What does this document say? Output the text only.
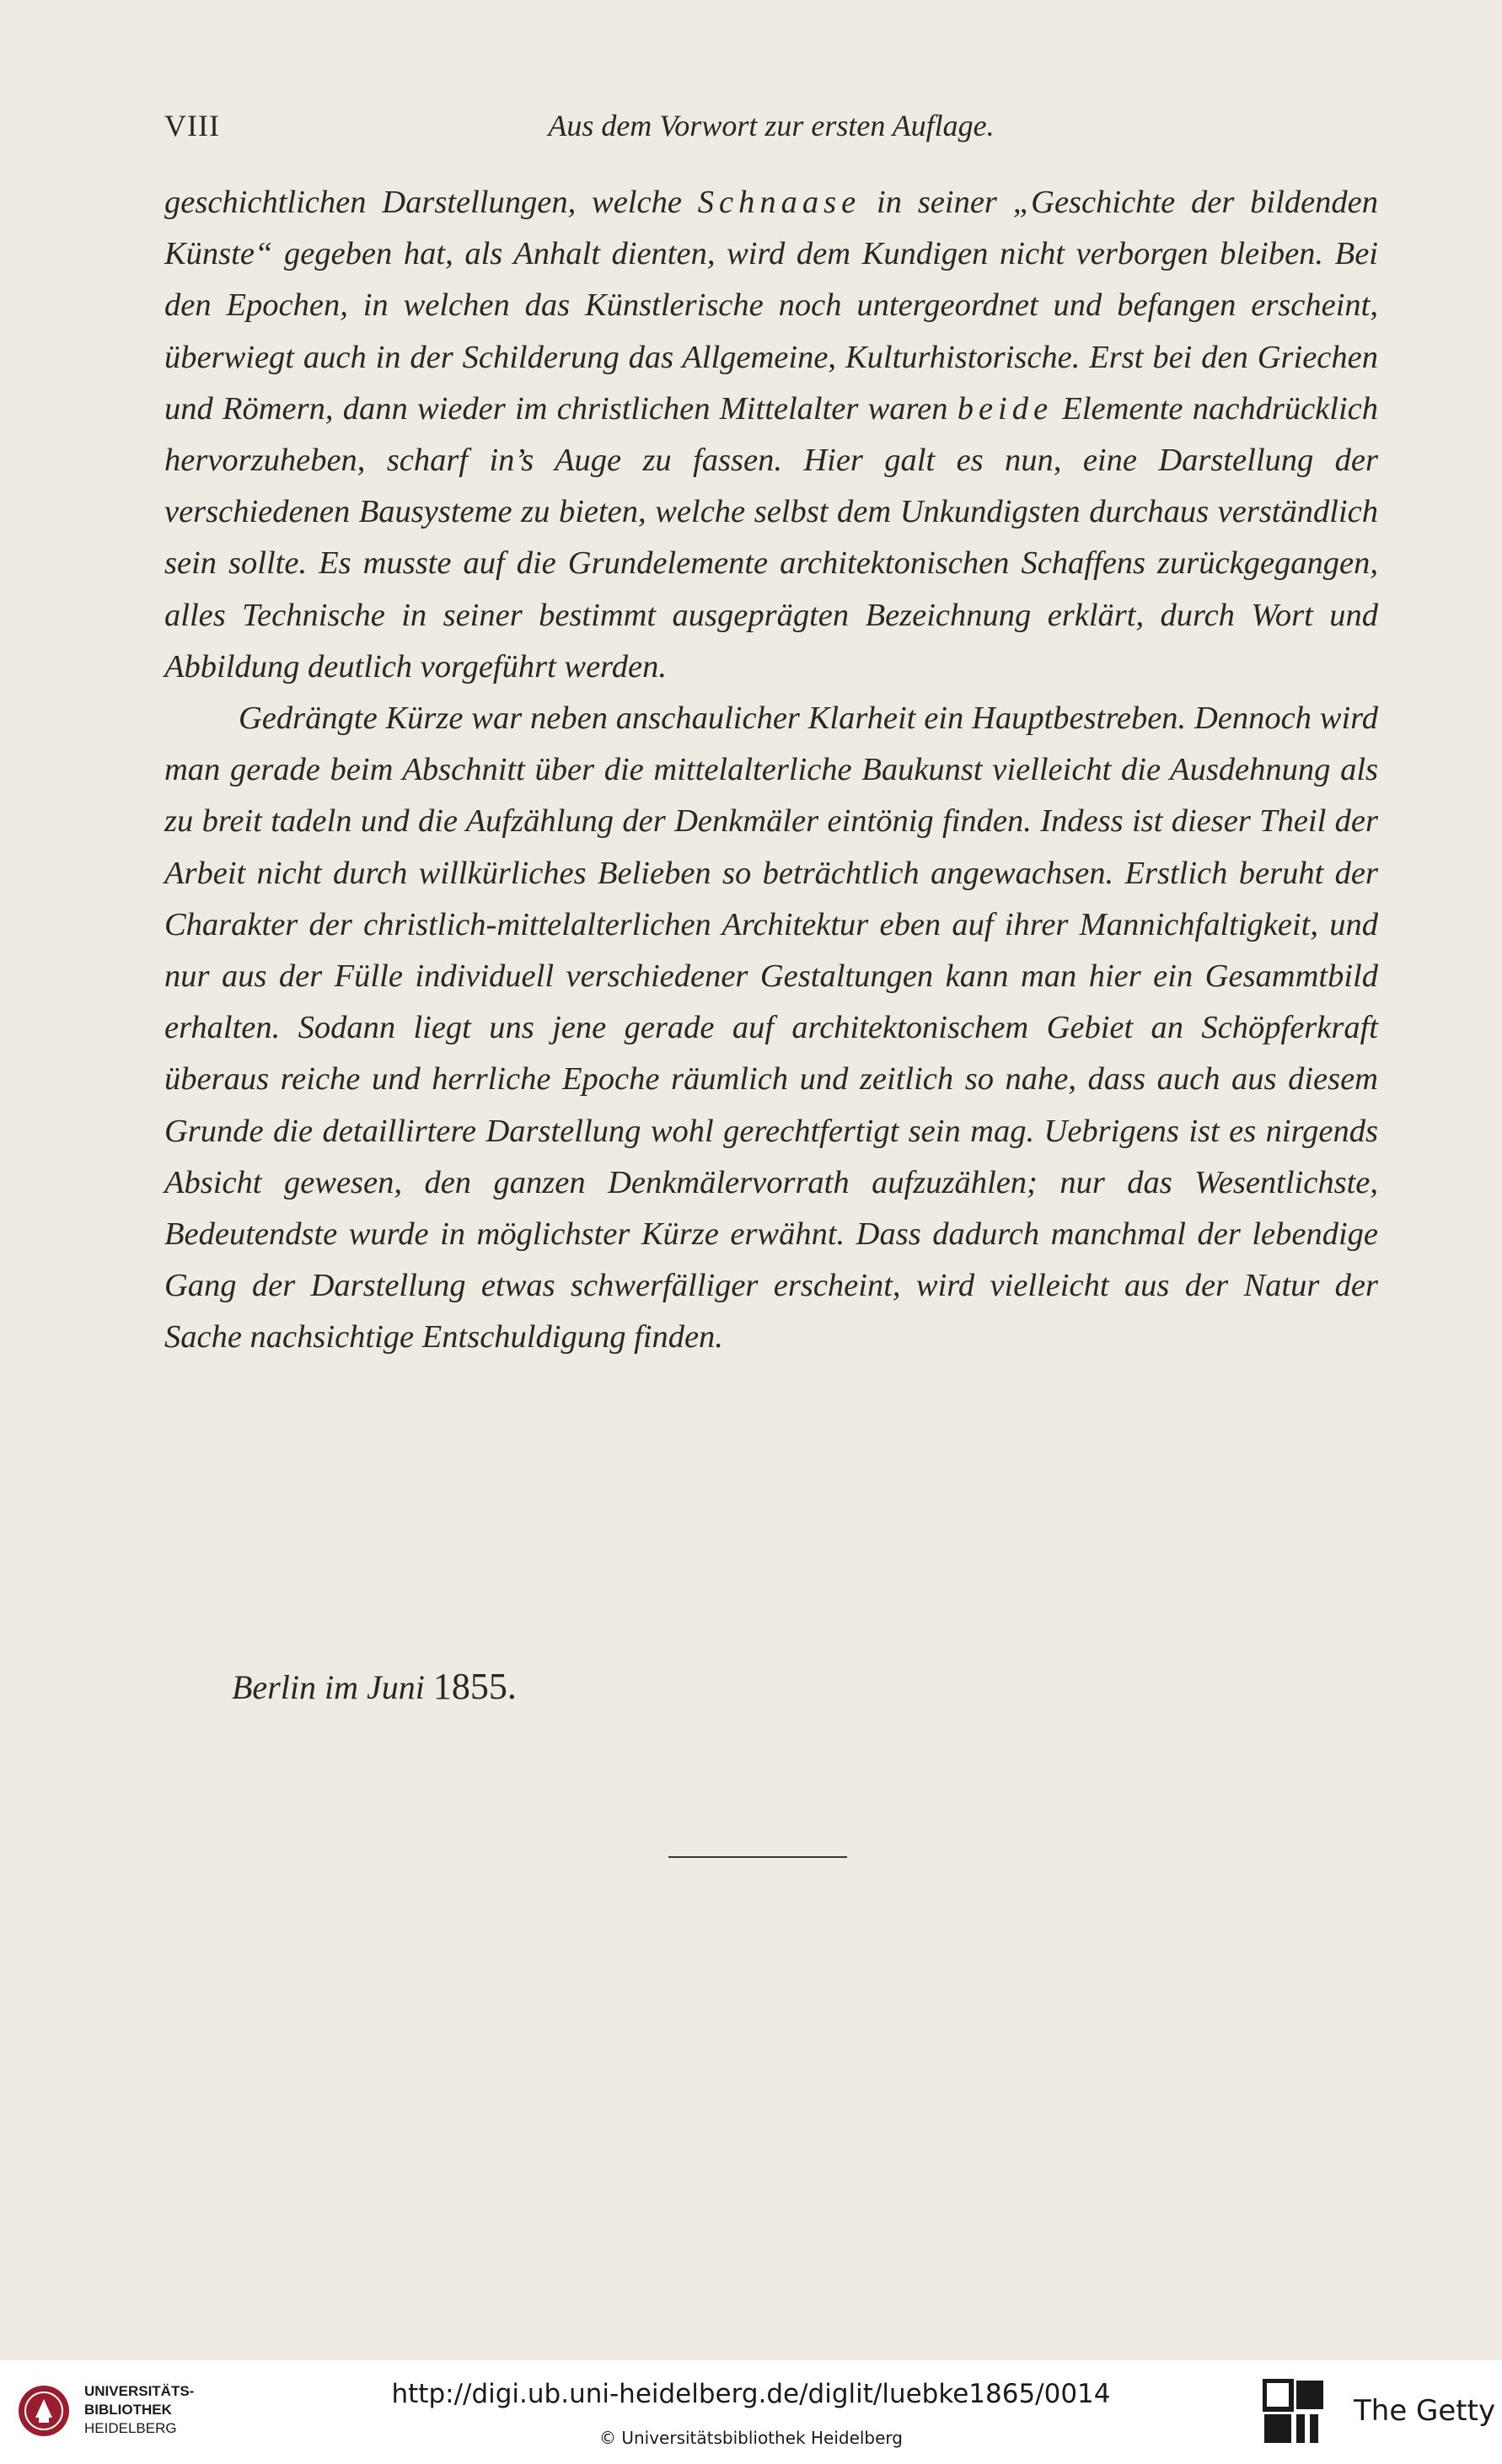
VIII	Aus dem Vorwort zur ersten Auflage.

geschichtlichen Darstellungen, welche Schnaase in seiner „Geschichte der bildenden Künste“ gegeben hat, als Anhalt dienten, wird dem Kundigen nicht verborgen bleiben. Bei den Epochen, in welchen das Künstlerische noch untergeordnet und befangen erscheint, überwiegt auch in der Schilderung das Allgemeine, Kulturhistorische. Erst bei den Griechen und Römern, dann wieder im christlichen Mittelalter waren beide Elemente nachdrücklich hervorzuheben, scharf in’s Auge zu fassen. Hier galt es nun, eine Darstellung der verschiedenen Bausysteme zu bieten, welche selbst dem Unkundigsten durchaus verständlich sein sollte. Es musste auf die Grundelemente architektonischen Schaffens zurückgegangen, alles Technische in seiner bestimmt ausgeprägten Bezeichnung erklärt, durch Wort und Abbildung deutlich vorgeführt werden.

Gedrängte Kürze war neben anschaulicher Klarheit ein Hauptbestreben. Dennoch wird man gerade beim Abschnitt über die mittelalterliche Baukunst vielleicht die Ausdehnung als zu breit tadeln und die Aufzählung der Denkmäler eintönig finden. Indess ist dieser Theil der Arbeit nicht durch willkürliches Belieben so beträchtlich angewachsen. Erstlich beruht der Charakter der christlich-mittelalterlichen Architektur eben auf ihrer Mannichfaltigkeit, und nur aus der Fülle individuell verschiedener Gestaltungen kann man hier ein Gesammtbild erhalten. Sodann liegt uns jene gerade auf architektonischem Gebiet an Schöpferkraft überaus reiche und herrliche Epoche räumlich und zeitlich so nahe, dass auch aus diesem Grunde die detaillirtere Darstellung wohl gerechtfertigt sein mag. Uebrigens ist es nirgends Absicht gewesen, den ganzen Denkmälervorrath aufzuzählen; nur das Wesentlichste, Bedeutendste wurde in möglichster Kürze erwähnt. Dass dadurch manchmal der lebendige Gang der Darstellung etwas schwerfälliger erscheint, wird vielleicht aus der Natur der Sache nachsichtige Entschuldigung finden.

Berlin im Juni 1855.
UNIVERSITÄTS-
BIBLIOTHEK
HEIDELBERG
http://digi.ub.uni-heidelberg.de/diglit/luebke1865/0014
© Universitätsbibliothek Heidelberg
The Getty
